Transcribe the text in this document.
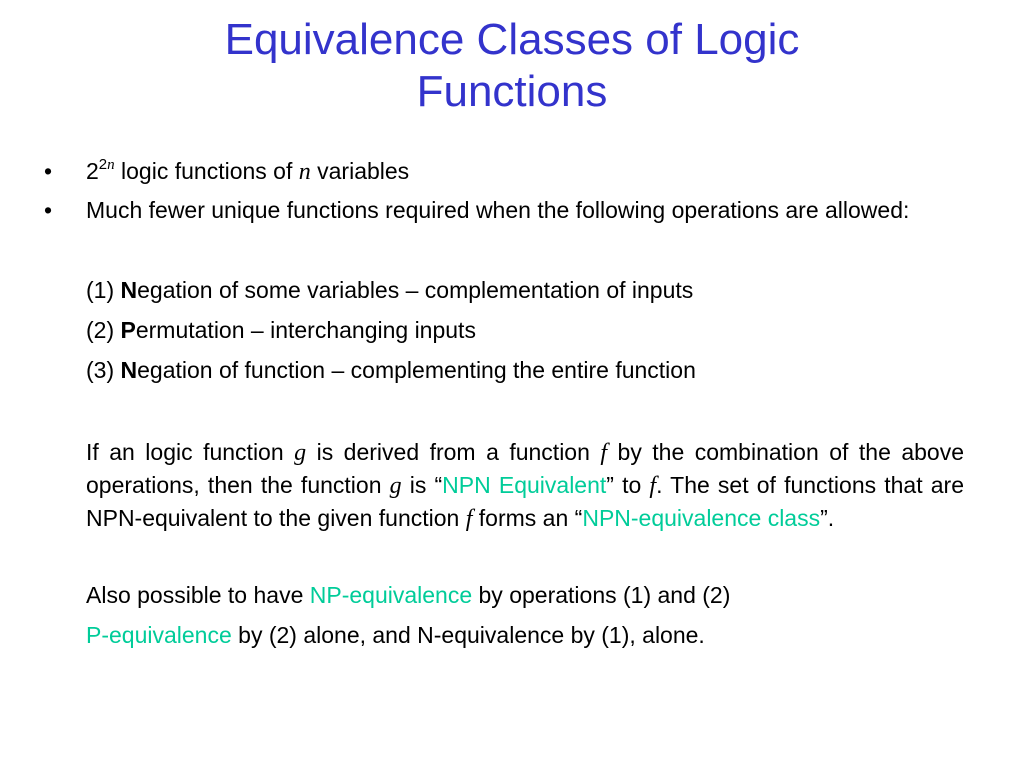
Equivalence Classes of Logic
Functions
• $2^{2n}$ logic functions of n variables
• Much fewer unique functions required when the following operations are allowed:

(1) Negation of some variables – complementation of inputs

(2) Permutation – interchanging inputs

(3) Negation of function – complementing the entire function

If an logic function g is derived from a function f by the combination of the above operations, then the function g is “NPN Equivalent” to f. The set of functions that are NPN-equivalent to the given function f forms an “NPN-equivalence class”.

Also possible to have NP-equivalence by operations (1) and (2)

P-equivalence by (2) alone, and N-equivalence by (1), alone.
